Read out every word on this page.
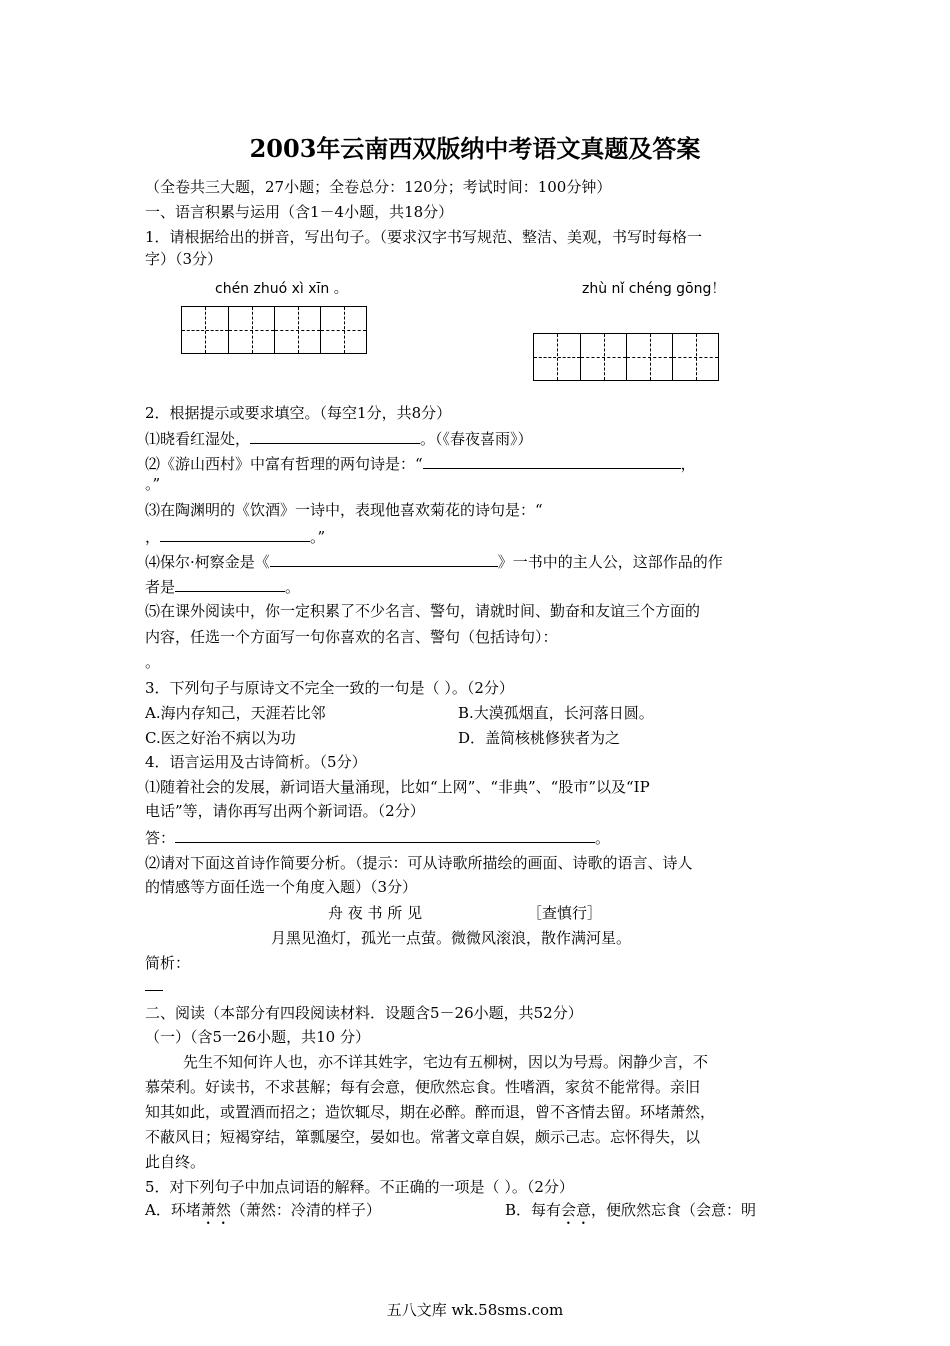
2003年云南西双版纳中考语文真题及答案
（全卷共三大题，27小题；全卷总分：120分；考试时间：100分钟）
一、语言积累与运用（含1－4小题，共18分）
1．请根据给出的拼音，写出句子。（要求汉字书写规范、整洁、美观，书写时每格一
字）（3分）
chén zhuó xì xīn 。	zhù nǐ chéng gōng！
2．根据提示或要求填空。（每空1分，共8分）
⑴晓看红湿处，	。（《春夜喜雨》）
⑵《游山西村》中富有哲理的两句诗是：“	，
。”
⑶在陶渊明的《饮酒》一诗中，表现他喜欢菊花的诗句是：“
，	。”
⑷保尔·柯察金是《	》一书中的主人公，这部作品的作
者是	。
⑸在课外阅读中，你一定积累了不少名言、警句，请就时间、勤奋和友谊三个方面的
内容，任选一个方面写一句你喜欢的名言、警句（包括诗句）：
。
3．下列句子与原诗文不完全一致的一句是（ ）。（2分）
A.海内存知己，天涯若比邻	B.大漠孤烟直，长河落日圆。
C.医之好治不病以为功	D．盖简核桃修狭者为之
4．语言运用及古诗简析。（5分）
⑴随着社会的发展，新词语大量涌现，比如“上网”、“非典”、“股市”以及“IP
电话”等，请你再写出两个新词语。（2分）
答：	。
⑵请对下面这首诗作简要分析。（提示：可从诗歌所描绘的画面、诗歌的语言、诗人
的情感等方面任选一个角度入题）（3分）
舟 夜 书 所 见	［查慎行］
月黑见渔灯，孤光一点萤。微微风滚浪，散作满河星。
简析：
二、阅读（本部分有四段阅读材料．设题含5－26小题，共52分）
（一）（含5一26小题，共10 分）
先生不知何许人也，亦不详其姓字，宅边有五柳树，因以为号焉。闲静少言，不
慕荣利。好读书，不求甚解；每有会意，便欣然忘食。性嗜酒，家贫不能常得。亲旧
知其如此，或置酒而招之；造饮辄尽，期在必醉。醉而退，曾不吝情去留。环堵萧然，
不蔽风日；短褐穿结，箪瓢屡空，晏如也。常著文章自娱，颇示己志。忘怀得失，以
此自终。
5．对下列句子中加点词语的解释。不正确的一项是（ ）。（2分）
A．环堵萧然（萧然：冷清的样子）	B．每有会意，便欣然忘食（会意：明
五八文库 wk.58sms.com
